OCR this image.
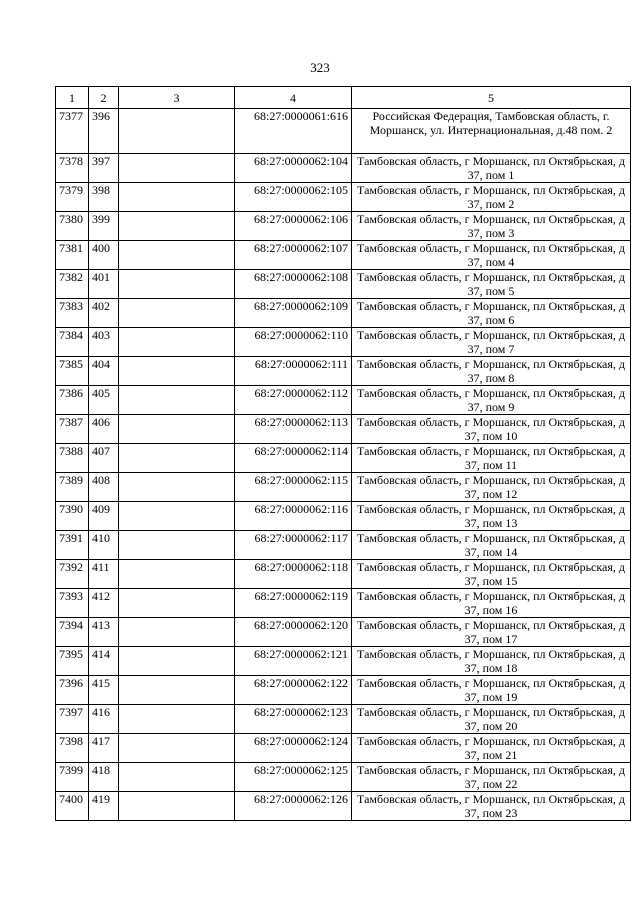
323
1	2	3	4	5
7377	396		68:27:0000061:616	Российская Федерация, Тамбовская область, г. Моршанск, ул. Интернациональная, д.48 пом. 2
7378	397		68:27:0000062:104	Тамбовская область, г Моршанск, пл Октябрьская, д 37, пом 1
7379	398		68:27:0000062:105	Тамбовская область, г Моршанск, пл Октябрьская, д 37, пом 2
7380	399		68:27:0000062:106	Тамбовская область, г Моршанск, пл Октябрьская, д 37, пом 3
7381	400		68:27:0000062:107	Тамбовская область, г Моршанск, пл Октябрьская, д 37, пом 4
7382	401		68:27:0000062:108	Тамбовская область, г Моршанск, пл Октябрьская, д 37, пом 5
7383	402		68:27:0000062:109	Тамбовская область, г Моршанск, пл Октябрьская, д 37, пом 6
7384	403		68:27:0000062:110	Тамбовская область, г Моршанск, пл Октябрьская, д 37, пом 7
7385	404		68:27:0000062:111	Тамбовская область, г Моршанск, пл Октябрьская, д 37, пом 8
7386	405		68:27:0000062:112	Тамбовская область, г Моршанск, пл Октябрьская, д 37, пом 9
7387	406		68:27:0000062:113	Тамбовская область, г Моршанск, пл Октябрьская, д 37, пом 10
7388	407		68:27:0000062:114	Тамбовская область, г Моршанск, пл Октябрьская, д 37, пом 11
7389	408		68:27:0000062:115	Тамбовская область, г Моршанск, пл Октябрьская, д 37, пом 12
7390	409		68:27:0000062:116	Тамбовская область, г Моршанск, пл Октябрьская, д 37, пом 13
7391	410		68:27:0000062:117	Тамбовская область, г Моршанск, пл Октябрьская, д 37, пом 14
7392	411		68:27:0000062:118	Тамбовская область, г Моршанск, пл Октябрьская, д 37, пом 15
7393	412		68:27:0000062:119	Тамбовская область, г Моршанск, пл Октябрьская, д 37, пом 16
7394	413		68:27:0000062:120	Тамбовская область, г Моршанск, пл Октябрьская, д 37, пом 17
7395	414		68:27:0000062:121	Тамбовская область, г Моршанск, пл Октябрьская, д 37, пом 18
7396	415		68:27:0000062:122	Тамбовская область, г Моршанск, пл Октябрьская, д 37, пом 19
7397	416		68:27:0000062:123	Тамбовская область, г Моршанск, пл Октябрьская, д 37, пом 20
7398	417		68:27:0000062:124	Тамбовская область, г Моршанск, пл Октябрьская, д 37, пом 21
7399	418		68:27:0000062:125	Тамбовская область, г Моршанск, пл Октябрьская, д 37, пом 22
7400	419		68:27:0000062:126	Тамбовская область, г Моршанск, пл Октябрьская, д 37, пом 23
